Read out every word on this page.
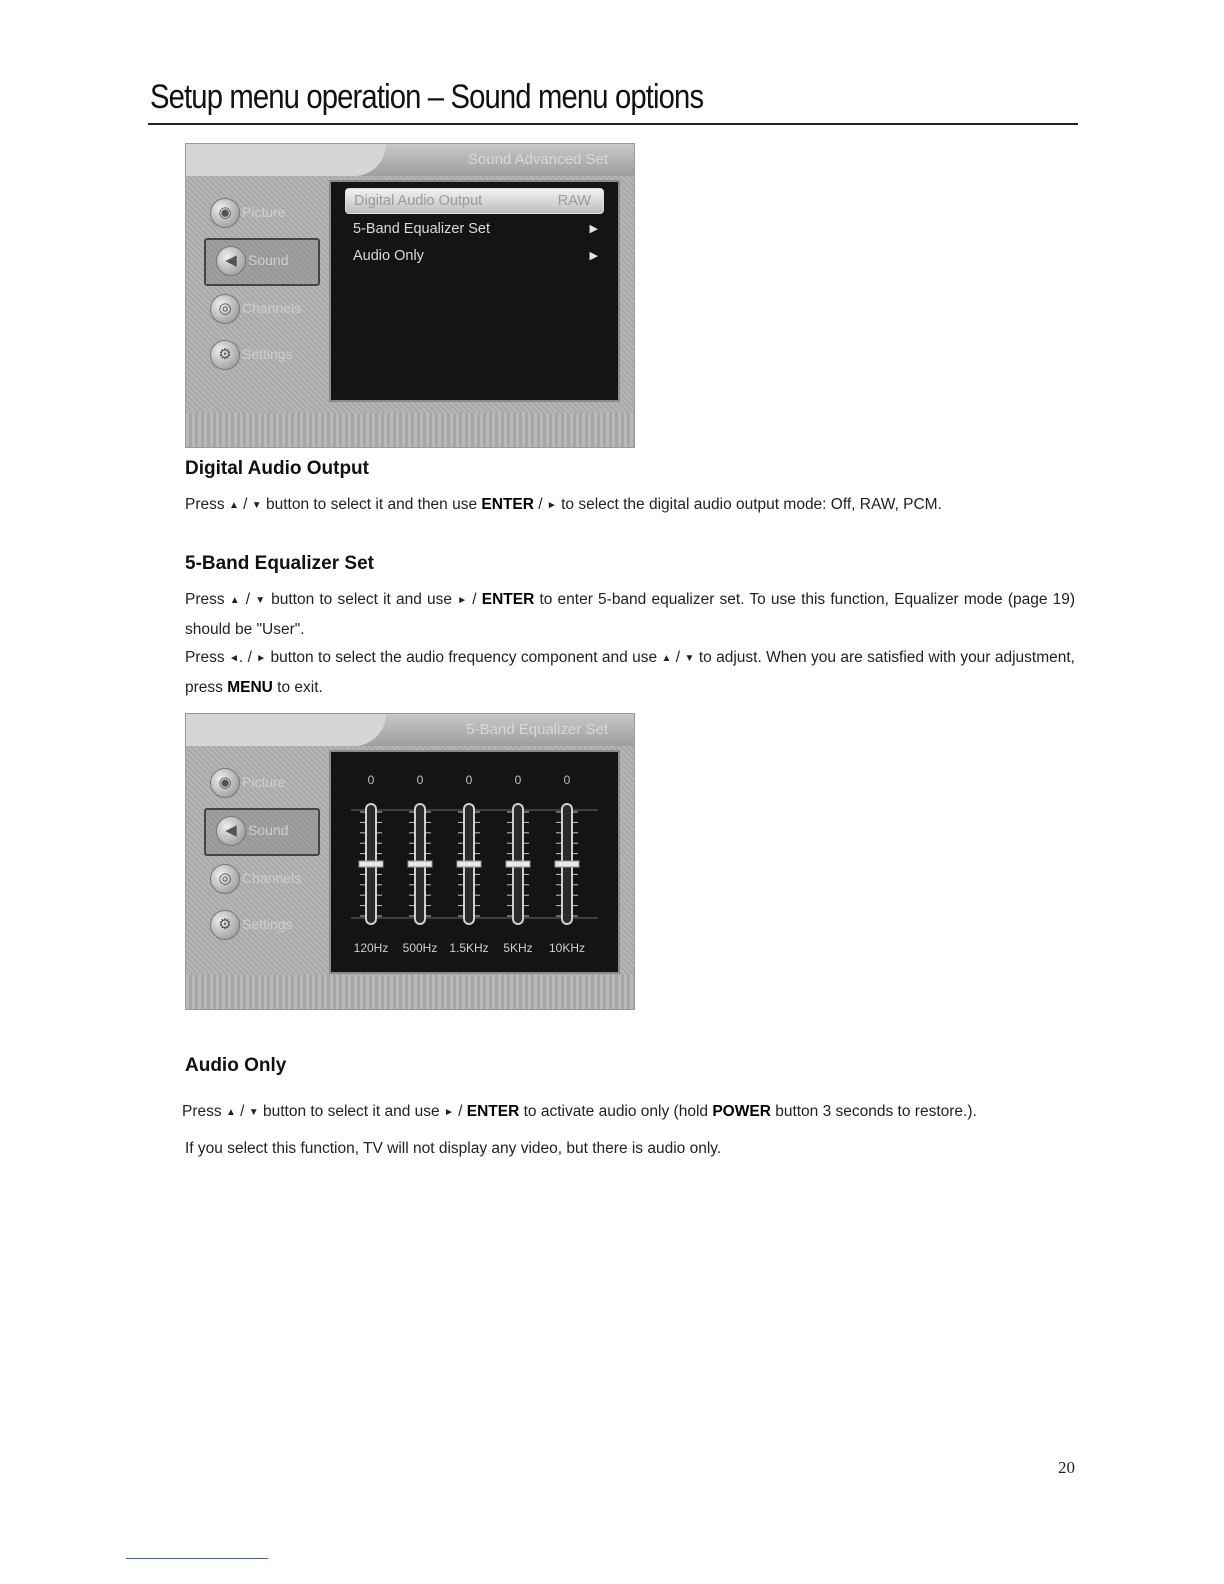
Setup menu operation – Sound menu options
Sound Advanced Set
◉ Picture
◀ Sound
◎ Channels
⚙ Settings
Digital Audio Output	RAW
5-Band Equalizer Set	▶
Audio Only	▶
Digital Audio Output

Press ▲ / ▼ button to select it and then use ENTER / ► to select the digital audio output mode: Off, RAW, PCM.

5-Band Equalizer Set

Press ▲ / ▼ button to select it and use ► / ENTER to enter 5-band equalizer set. To use this function, Equalizer mode (page 19) should be "User".

Press ◄. / ► button to select the audio frequency component and use ▲ / ▼ to adjust. When you are satisfied with your adjustment, press MENU to exit.

5-Band Equalizer Set
◉ Picture
◀ Sound
◎ Channels
⚙ Settings
0
120Hz
0
500Hz
0
1.5KHz
0
5KHz
0
10KHz
Audio Only

Press ▲ / ▼ button to select it and use ► / ENTER to activate audio only (hold POWER button 3 seconds to restore.).

If you select this function, TV will not display any video, but there is audio only.

20
